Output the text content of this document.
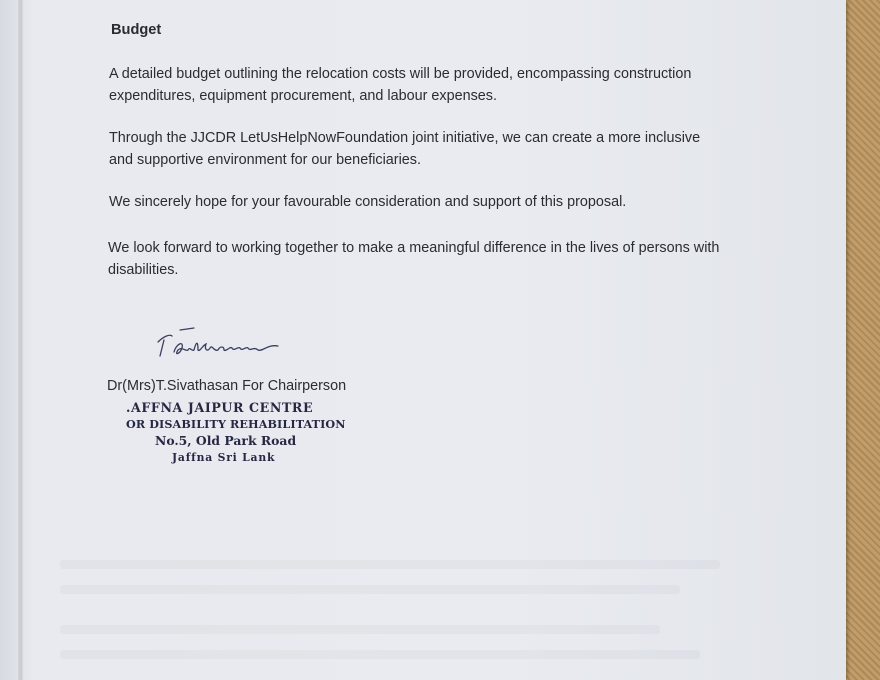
Budget

A detailed budget outlining the relocation costs will be provided, encompassing construction expenditures, equipment procurement, and labour expenses.

Through the JJCDR LetUsHelpNowFoundation joint initiative, we can create a more inclusive and supportive environment for our beneficiaries.

We sincerely hope for your favourable consideration and support of this proposal.

We look forward to working together to make a meaningful difference in the lives of persons with disabilities.

Dr(Mrs)T.Sivathasan For Chairperson

.AFFNA JAIPUR CENTRE
OR DISABILITY REHABILITATION
No.5, Old Park Road
Jaffna Sri Lank
